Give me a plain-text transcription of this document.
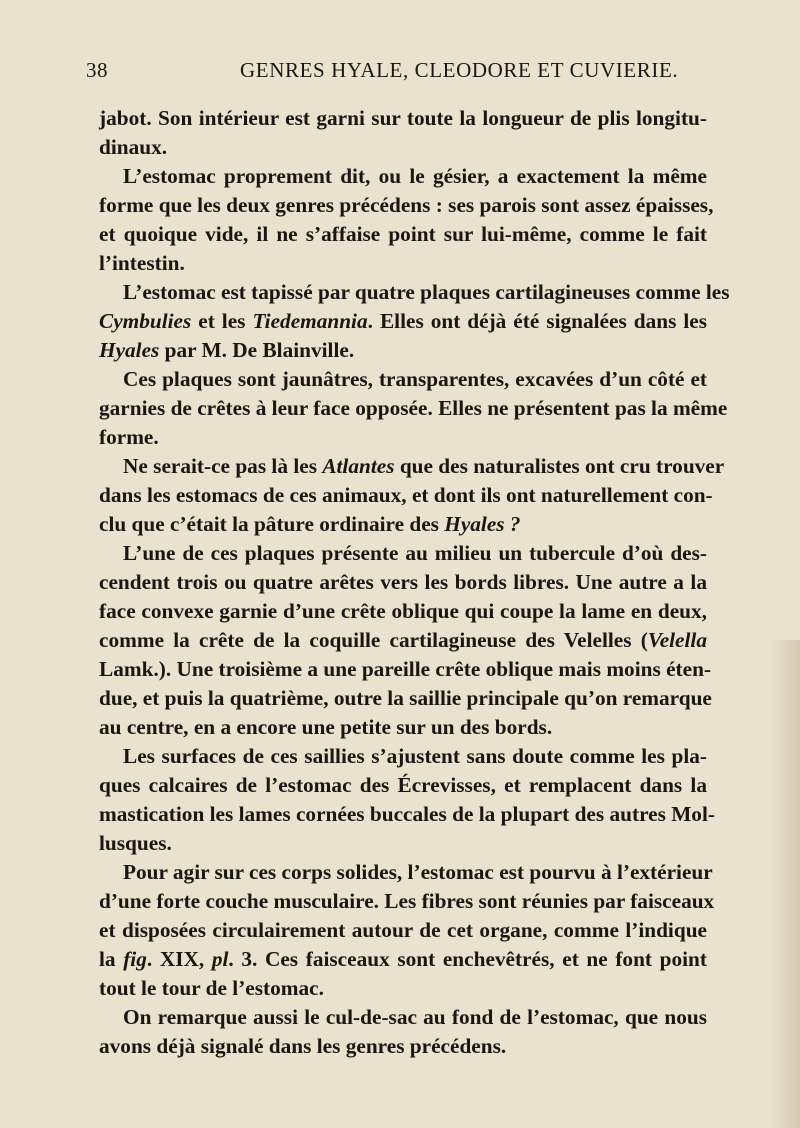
38	GENRES HYALE, CLEODORE ET CUVIERIE.
jabot. Son intérieur est garni sur toute la longueur de plis longitu-
dinaux.
L’estomac proprement dit, ou le gésier, a exactement la même
forme que les deux genres précédens : ses parois sont assez épaisses,
et quoique vide, il ne s’affaise point sur lui-même, comme le fait
l’intestin.
L’estomac est tapissé par quatre plaques cartilagineuses comme les
Cymbulies et les Tiedemannia. Elles ont déjà été signalées dans les
Hyales par M. De Blainville.
Ces plaques sont jaunâtres, transparentes, excavées d’un côté et
garnies de crêtes à leur face opposée. Elles ne présentent pas la même
forme.
Ne serait-ce pas là les Atlantes que des naturalistes ont cru trouver
dans les estomacs de ces animaux, et dont ils ont naturellement con-
clu que c’était la pâture ordinaire des Hyales ?
L’une de ces plaques présente au milieu un tubercule d’où des-
cendent trois ou quatre arêtes vers les bords libres. Une autre a la
face convexe garnie d’une crête oblique qui coupe la lame en deux,
comme la crête de la coquille cartilagineuse des Velelles (Velella
Lamk.). Une troisième a une pareille crête oblique mais moins éten-
due, et puis la quatrième, outre la saillie principale qu’on remarque
au centre, en a encore une petite sur un des bords.
Les surfaces de ces saillies s’ajustent sans doute comme les pla-
ques calcaires de l’estomac des Écrevisses, et remplacent dans la
mastication les lames cornées buccales de la plupart des autres Mol-
lusques.
Pour agir sur ces corps solides, l’estomac est pourvu à l’extérieur
d’une forte couche musculaire. Les fibres sont réunies par faisceaux
et disposées circulairement autour de cet organe, comme l’indique
la fig. XIX, pl. 3. Ces faisceaux sont enchevêtrés, et ne font point
tout le tour de l’estomac.
On remarque aussi le cul-de-sac au fond de l’estomac, que nous
avons déjà signalé dans les genres précédens.
